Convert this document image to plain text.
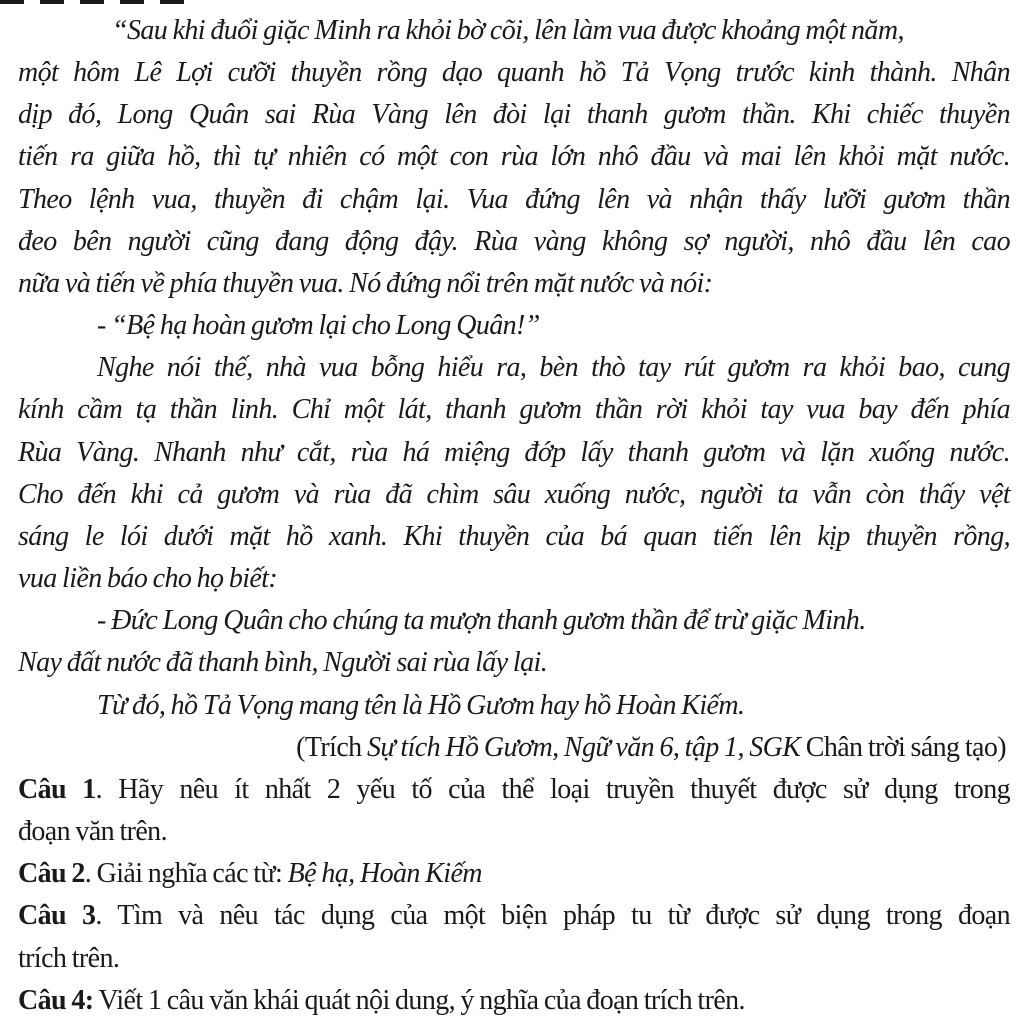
“Sau khi đuổi giặc Minh ra khỏi bờ cõi, lên làm vua được khoảng một năm,
một hôm Lê Lợi cưỡi thuyền rồng dạo quanh hồ Tả Vọng trước kinh thành. Nhân
dịp đó, Long Quân sai Rùa Vàng lên đòi lại thanh gươm thần. Khi chiếc thuyền
tiến ra giữa hồ, thì tự nhiên có một con rùa lớn nhô đầu và mai lên khỏi mặt nước.
Theo lệnh vua, thuyền đi chậm lại. Vua đứng lên và nhận thấy lưỡi gươm thần
đeo bên người cũng đang động đậy. Rùa vàng không sợ người, nhô đầu lên cao
nữa và tiến về phía thuyền vua. Nó đứng nổi trên mặt nước và nói:
- “Bệ hạ hoàn gươm lại cho Long Quân!”
Nghe nói thế, nhà vua bỗng hiểu ra, bèn thò tay rút gươm ra khỏi bao, cung
kính cầm tạ thần linh. Chỉ một lát, thanh gươm thần rời khỏi tay vua bay đến phía
Rùa Vàng. Nhanh như cắt, rùa há miệng đớp lấy thanh gươm và lặn xuống nước.
Cho đến khi cả gươm và rùa đã chìm sâu xuống nước, người ta vẫn còn thấy vệt
sáng le lói dưới mặt hồ xanh. Khi thuyền của bá quan tiến lên kịp thuyền rồng,
vua liền báo cho họ biết:
- Đức Long Quân cho chúng ta mượn thanh gươm thần để trừ giặc Minh.
Nay đất nước đã thanh bình, Người sai rùa lấy lại.
Từ đó, hồ Tả Vọng mang tên là Hồ Gươm hay hồ Hoàn Kiếm.
(Trích Sự tích Hồ Gươm, Ngữ văn 6, tập 1, SGK Chân trời sáng tạo)
Câu 1. Hãy nêu ít nhất 2 yếu tố của thể loại truyền thuyết được sử dụng trong
đoạn văn trên.
Câu 2. Giải nghĩa các từ: Bệ hạ, Hoàn Kiếm
Câu 3. Tìm và nêu tác dụng của một biện pháp tu từ được sử dụng trong đoạn
trích trên.
Câu 4: Viết 1 câu văn khái quát nội dung, ý nghĩa của đoạn trích trên.
